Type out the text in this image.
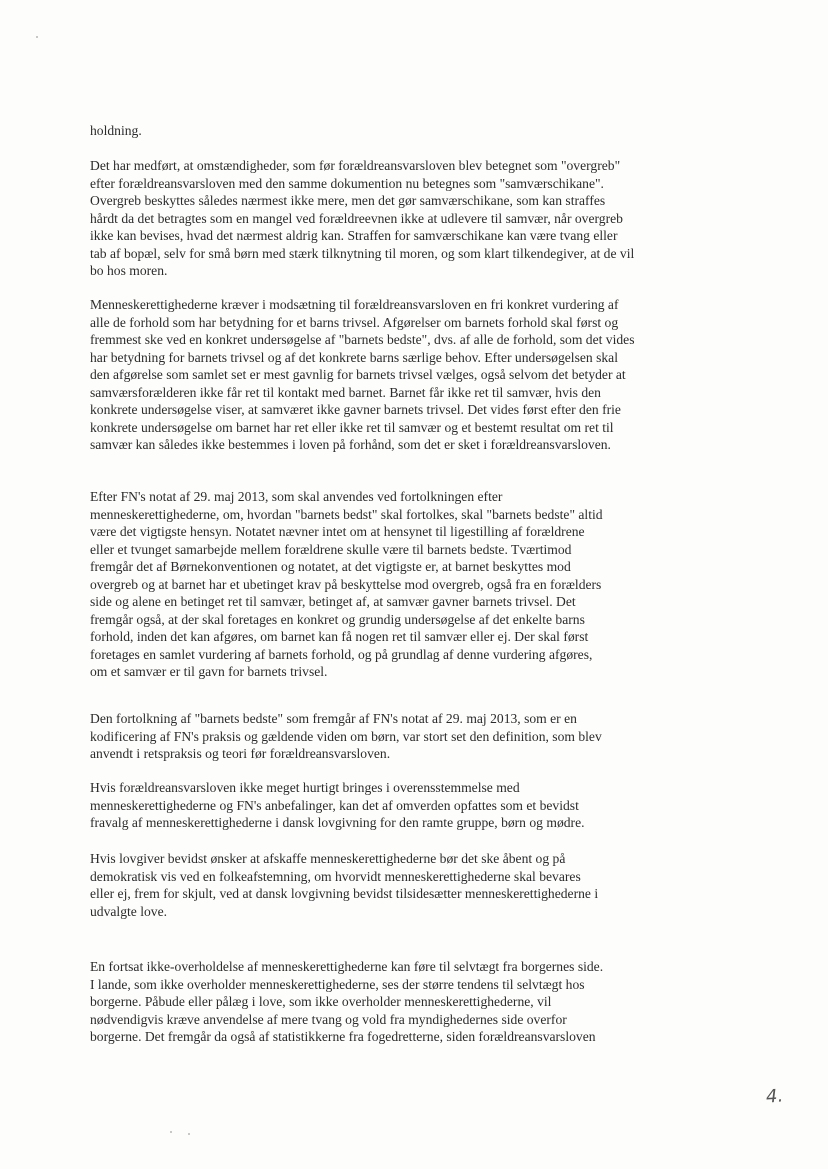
holdning.

Det har medført, at omstændigheder, som før forældreansvarsloven blev betegnet som "overgreb"
efter forældreansvarsloven med den samme dokumention nu betegnes som "samværschikane".
Overgreb beskyttes således nærmest ikke mere, men det gør samværschikane, som kan straffes
hårdt da det betragtes som en mangel ved forældreevnen ikke at udlevere til samvær, når overgreb
ikke kan bevises, hvad det nærmest aldrig kan. Straffen for samværschikane kan være tvang eller
tab af bopæl, selv for små børn med stærk tilknytning til moren, og som klart tilkendegiver, at de vil
bo hos moren.

Menneskerettighederne kræver i modsætning til forældreansvarsloven en fri konkret vurdering af
alle de forhold som har betydning for et barns trivsel. Afgørelser om barnets forhold skal først og
fremmest ske ved en konkret undersøgelse af "barnets bedste", dvs. af alle de forhold, som det vides
har betydning for barnets trivsel og af det konkrete barns særlige behov. Efter undersøgelsen skal
den afgørelse som samlet set er mest gavnlig for barnets trivsel vælges, også selvom det betyder at
samværsforælderen ikke får ret til kontakt med barnet. Barnet får ikke ret til samvær, hvis den
konkrete undersøgelse viser, at samværet ikke gavner barnets trivsel. Det vides først efter den frie
konkrete undersøgelse om barnet har ret eller ikke ret til samvær og et bestemt resultat om ret til
samvær kan således ikke bestemmes i loven på forhånd, som det er sket i forældreansvarsloven.

Efter FN's notat af 29. maj 2013, som skal anvendes ved fortolkningen efter
menneskerettighederne, om, hvordan "barnets bedst" skal fortolkes, skal "barnets bedste" altid
være det vigtigste hensyn. Notatet nævner intet om at hensynet til ligestilling af forældrene
eller et tvunget samarbejde mellem forældrene skulle være til barnets bedste. Tværtimod
fremgår det af Børnekonventionen og notatet, at det vigtigste er, at barnet beskyttes mod
overgreb og at barnet har et ubetinget krav på beskyttelse mod overgreb, også fra en forælders
side og alene en betinget ret til samvær, betinget af, at samvær gavner barnets trivsel. Det
fremgår også, at der skal foretages en konkret og grundig undersøgelse af det enkelte barns
forhold, inden det kan afgøres, om barnet kan få nogen ret til samvær eller ej. Der skal først
foretages en samlet vurdering af barnets forhold, og på grundlag af denne vurdering afgøres,
om et samvær er til gavn for barnets trivsel.

Den fortolkning af "barnets bedste" som fremgår af FN's notat af 29. maj 2013, som er en
kodificering af FN's praksis og gældende viden om børn, var stort set den definition, som blev
anvendt i retspraksis og teori før forældreansvarsloven.

Hvis forældreansvarsloven ikke meget hurtigt bringes i overensstemmelse med
menneskerettighederne og FN's anbefalinger, kan det af omverden opfattes som et bevidst
fravalg af menneskerettighederne i dansk lovgivning for den ramte gruppe, børn og mødre.

Hvis lovgiver bevidst ønsker at afskaffe menneskerettighederne bør det ske åbent og på
demokratisk vis ved en folkeafstemning, om hvorvidt menneskerettighederne skal bevares
eller ej, frem for skjult, ved at dansk lovgivning bevidst tilsidesætter menneskerettighederne i
udvalgte love.

En fortsat ikke-overholdelse af menneskerettighederne kan føre til selvtægt fra borgernes side.
I lande, som ikke overholder menneskerettighederne, ses der større tendens til selvtægt hos
borgerne. Påbude eller pålæg i love, som ikke overholder menneskerettighederne, vil
nødvendigvis kræve anvendelse af mere tvang og vold fra myndighedernes side overfor
borgerne. Det fremgår da også af statistikkerne fra fogedretterne, siden forældreansvarsloven

4.
